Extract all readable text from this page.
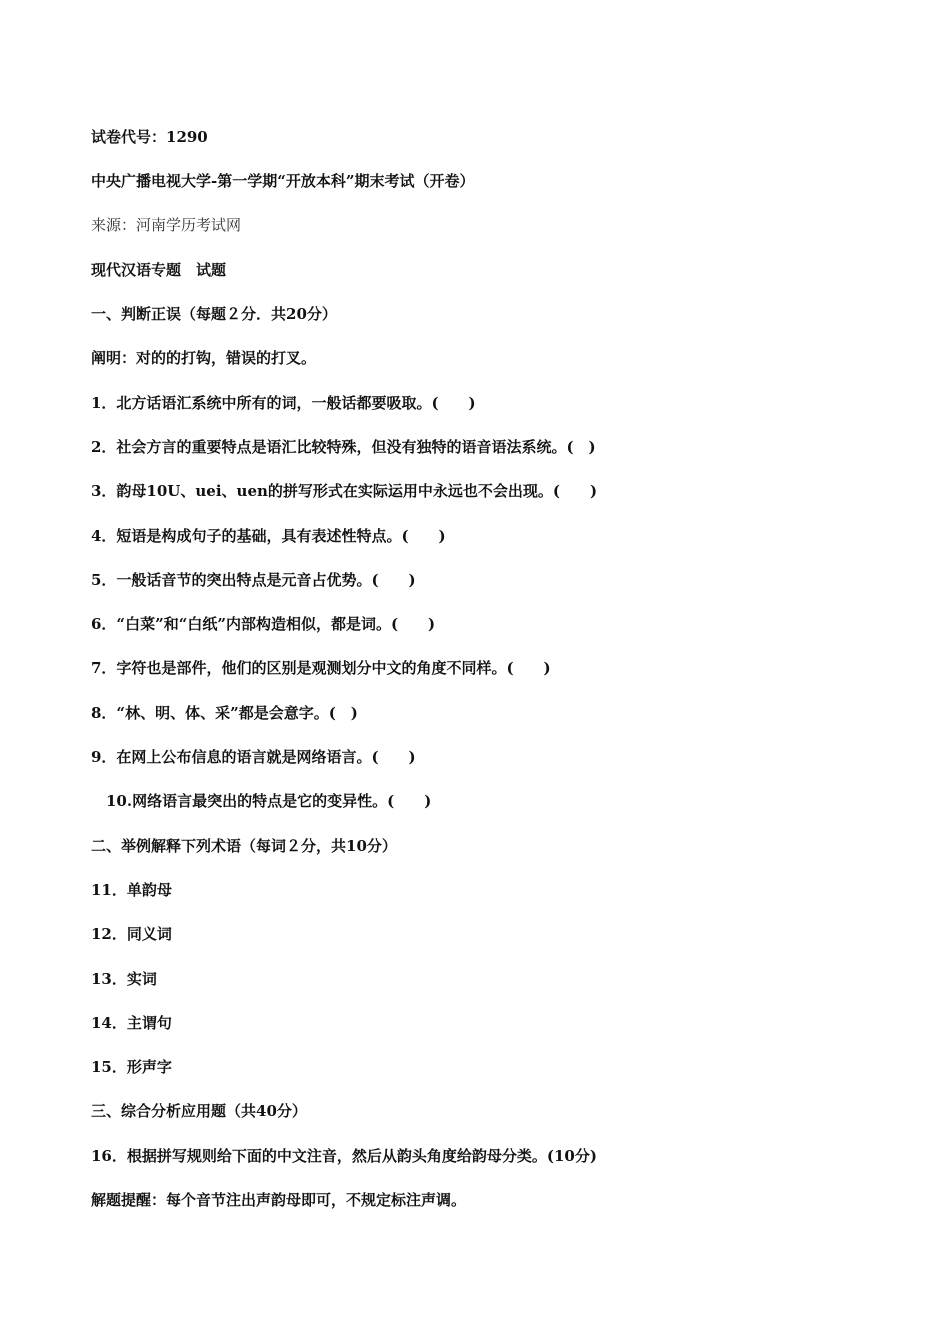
试卷代号：1290
中央广播电视大学-第一学期“开放本科”期末考试（开卷）
来源：河南学历考试网
现代汉语专题　试题
一、判断正误（每题２分．共20分）
阐明：对的的打钩，错误的打叉。
1．北方话语汇系统中所有的词，一般话都要吸取。(　　)
2．社会方言的重要特点是语汇比较特殊，但没有独特的语音语法系统。(　)
3．韵母10U、uei、uen的拼写形式在实际运用中永远也不会出现。(　　)
4．短语是构成句子的基础，具有表述性特点。(　　)
5．一般话音节的突出特点是元音占优势。(　　)
6．“白菜”和“白纸”内部构造相似，都是词。(　　)
7．字符也是部件，他们的区别是观测划分中文的角度不同样。(　　)
8．“林、明、体、采”都是会意字。(　)
9．在网上公布信息的语言就是网络语言。(　　)
10.网络语言最突出的特点是它的变异性。(　　)
二、举例解释下列术语（每词２分，共10分）
11．单韵母
12．同义词
13．实词
14．主谓句
15．形声字
三、综合分析应用题（共40分）
16．根据拼写规则给下面的中文注音，然后从韵头角度给韵母分类。(10分)
解题提醒：每个音节注出声韵母即可，不规定标注声调。
